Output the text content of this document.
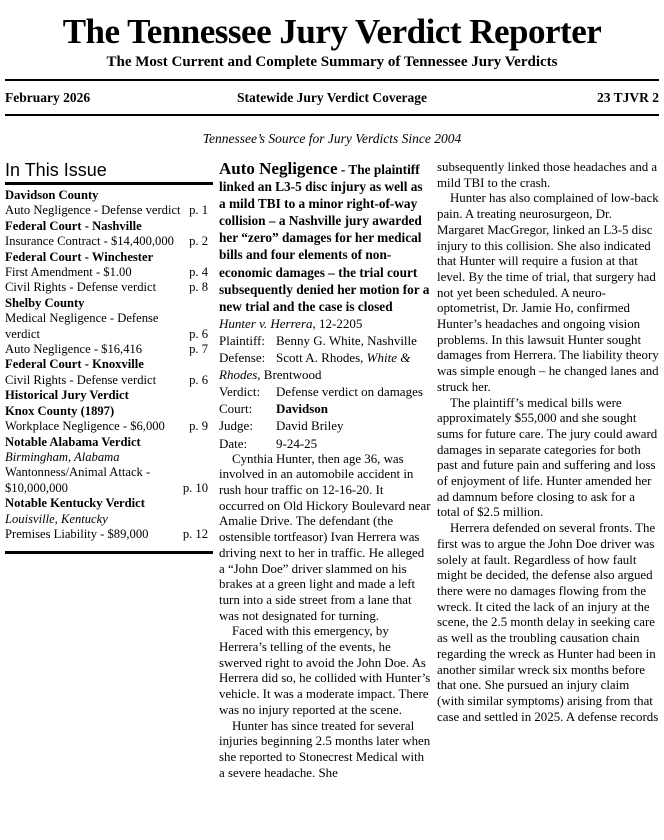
The Tennessee Jury Verdict Reporter
The Most Current and Complete Summary of Tennessee Jury Verdicts
February 2026	Statewide Jury Verdict Coverage	23 TJVR 2
Tennessee’s Source for Jury Verdicts Since 2004
In This Issue
Davidson County
Auto Negligence - Defense verdict p. 1
Federal Court - Nashville
Insurance Contract - $14,400,000 p. 2
Federal Court - Winchester
First Amendment - $1.00	p. 4
Civil Rights - Defense verdict	p. 8
Shelby County
Medical Negligence - Defense
verdict	p. 6
Auto Negligence - $16,416	p. 7
Federal Court - Knoxville
Civil Rights - Defense verdict	p. 6
Historical Jury Verdict
Knox County (1897)
Workplace Negligence - $6,000 p. 9
Notable Alabama Verdict
Birmingham, Alabama
Wantonness/Animal Attack -
$10,000,000	p. 10
Notable Kentucky Verdict
Louisville, Kentucky
Premises Liability - $89,000	p. 12

Auto Negligence - The plaintiff linked an L3-5 disc injury as well as a mild TBI to a minor right-of-way collision – a Nashville jury awarded her “zero” damages for her medical bills and four elements of non-economic damages – the trial court subsequently denied her motion for a new trial and the case is closed

Hunter v. Herrera, 12-2205

Plaintiff: Benny G. White, Nashville
Defense: Scott A. Rhodes, White & Rhodes, Brentwood
Verdict:	Defense verdict on damages
Court:	Davidson
Judge:	David Briley
Date:	9-24-25

Cynthia Hunter, then age 36, was involved in an automobile accident in rush hour traffic on 12-16-20. It occurred on Old Hickory Boulevard near Amalie Drive. The defendant (the ostensible tortfeasor) Ivan Herrera was driving next to her in traffic. He alleged a “John Doe” driver slammed on his brakes at a green light and made a left turn into a side street from a lane that was not designated for turning.

Faced with this emergency, by Herrera’s telling of the events, he swerved right to avoid the John Doe. As Herrera did so, he collided with Hunter’s vehicle. It was a moderate impact. There was no injury reported at the scene.

Hunter has since treated for several injuries beginning 2.5 months later when she reported to Stonecrest Medical with a severe headache. She

subsequently linked those headaches and a mild TBI to the crash.

Hunter has also complained of low-back pain. A treating neurosurgeon, Dr. Margaret MacGregor, linked an L3-5 disc injury to this collision. She also indicated that Hunter will require a fusion at that level. By the time of trial, that surgery had not yet been scheduled. A neuro-optometrist, Dr. Jamie Ho, confirmed Hunter’s headaches and ongoing vision problems. In this lawsuit Hunter sought damages from Herrera. The liability theory was simple enough – he changed lanes and struck her.

The plaintiff’s medical bills were approximately $55,000 and she sought sums for future care. The jury could award damages in separate categories for both past and future pain and suffering and loss of enjoyment of life. Hunter amended her ad damnum before closing to ask for a total of $2.5 million.

Herrera defended on several fronts. The first was to argue the John Doe driver was solely at fault. Regardless of how fault might be decided, the defense also argued there were no damages flowing from the wreck. It cited the lack of an injury at the scene, the 2.5 month delay in seeking care as well as the troubling causation chain regarding the wreck as Hunter had been in another similar wreck six months before that one. She pursued an injury claim (with similar symptoms) arising from that case and settled in 2025. A defense records
